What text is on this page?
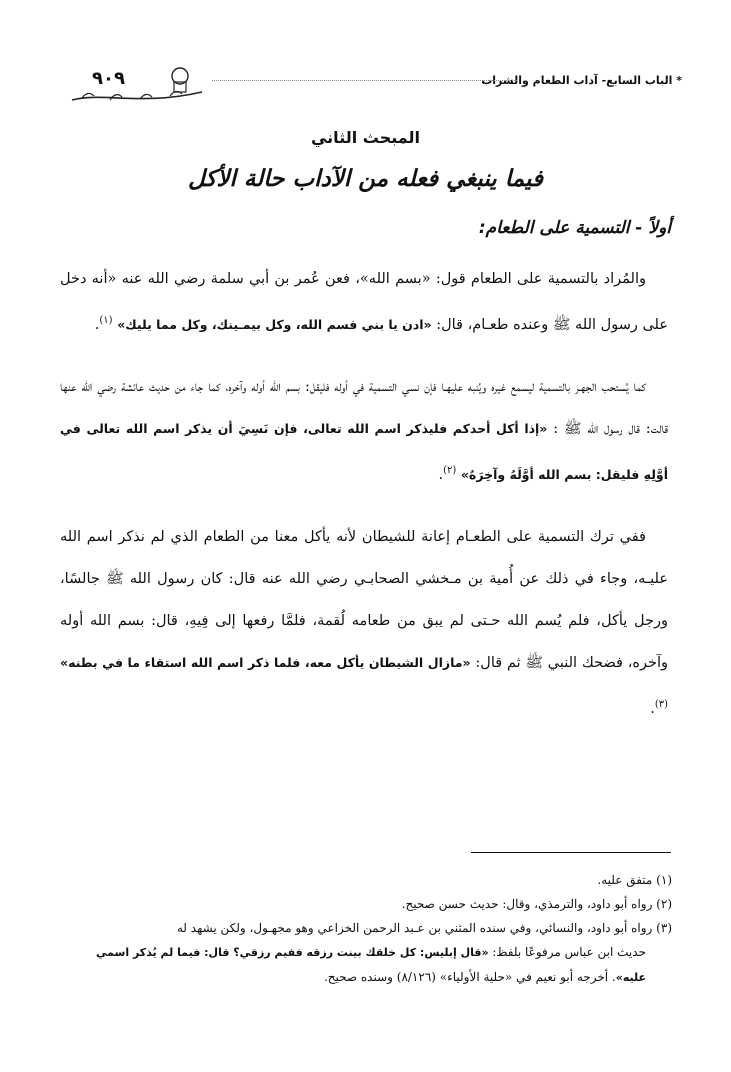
* الباب السابع- آداب الطعام والشراب
٩٠٩
المبحث الثاني
فيما ينبغي فعله من الآداب حالة الأكل
أولاً - التسمية على الطعام:

والمُراد بالتسمية على الطعام قول: «بسم الله»، فعن عُمر بن أبي سلمة رضي الله عنه «أنه دخل على رسول الله ﷺ وعنده طعـام، قال: «ادن يا بني فسم الله، وكل بيمـينك، وكل مما يليك» $^{(١)}$.

كما يُستحب الجهـر بالتسمية ليسمع غيره ويُنبه عليهـا فإن نسي التسمية في أوله فليقل: بسم الله أوله وآخره، كما جاء من حديث عائشة رضي الله عنها قالت: قال رسول الله ﷺ : «إذا أكل أحدكم فليذكر اسم الله تعالى، فإن نَسِيَ أن يذكر اسم الله تعالى في أوَّلِهِ فليقل: بسم الله أوَّلَهُ وآخِرَهُ» $^{(٢)}$.

ففي ترك التسمية على الطعـام إعانة للشيطان لأنه يأكل معنا من الطعام الذي لم نذكر اسم الله عليـه، وجاء في ذلك عن أُمية بن مـخشي الصحابـي رضي الله عنه قال: كان رسول الله ﷺ جالسًا، ورجل يأكل، فلم يُسم الله حـتى لم يبق من طعامه لُقمة، فلمَّا رفعها إلى فِيهِ، قال: بسم الله أوله وآخره، فضحك النبي ﷺ ثم قال: «مازال الشيطان يأكل معه، فلما ذكر اسم الله استقاء ما في بطنه» $^{(٣)}$.

(١) متفق عليه.
(٢) رواه أبو داود، والترمذي، وقال: حديث حسن صحيح.
(٣) رواه أبو داود، والنسائي، وفي سنده المثني بن عـبد الرحمن الخزاعي وهو مجهـول، ولكن يشهد له
حديث ابن عباس مرفوعًا بلفظ: «قال إبليس: كل خلقك بينت رزقه ففيم رزقي؟ قال: فيما لم يُذكر اسمي عليه». أخرجه أبو نعيم في «حلية الأولياء» (٨/١٢٦) وسنده صحيح.
